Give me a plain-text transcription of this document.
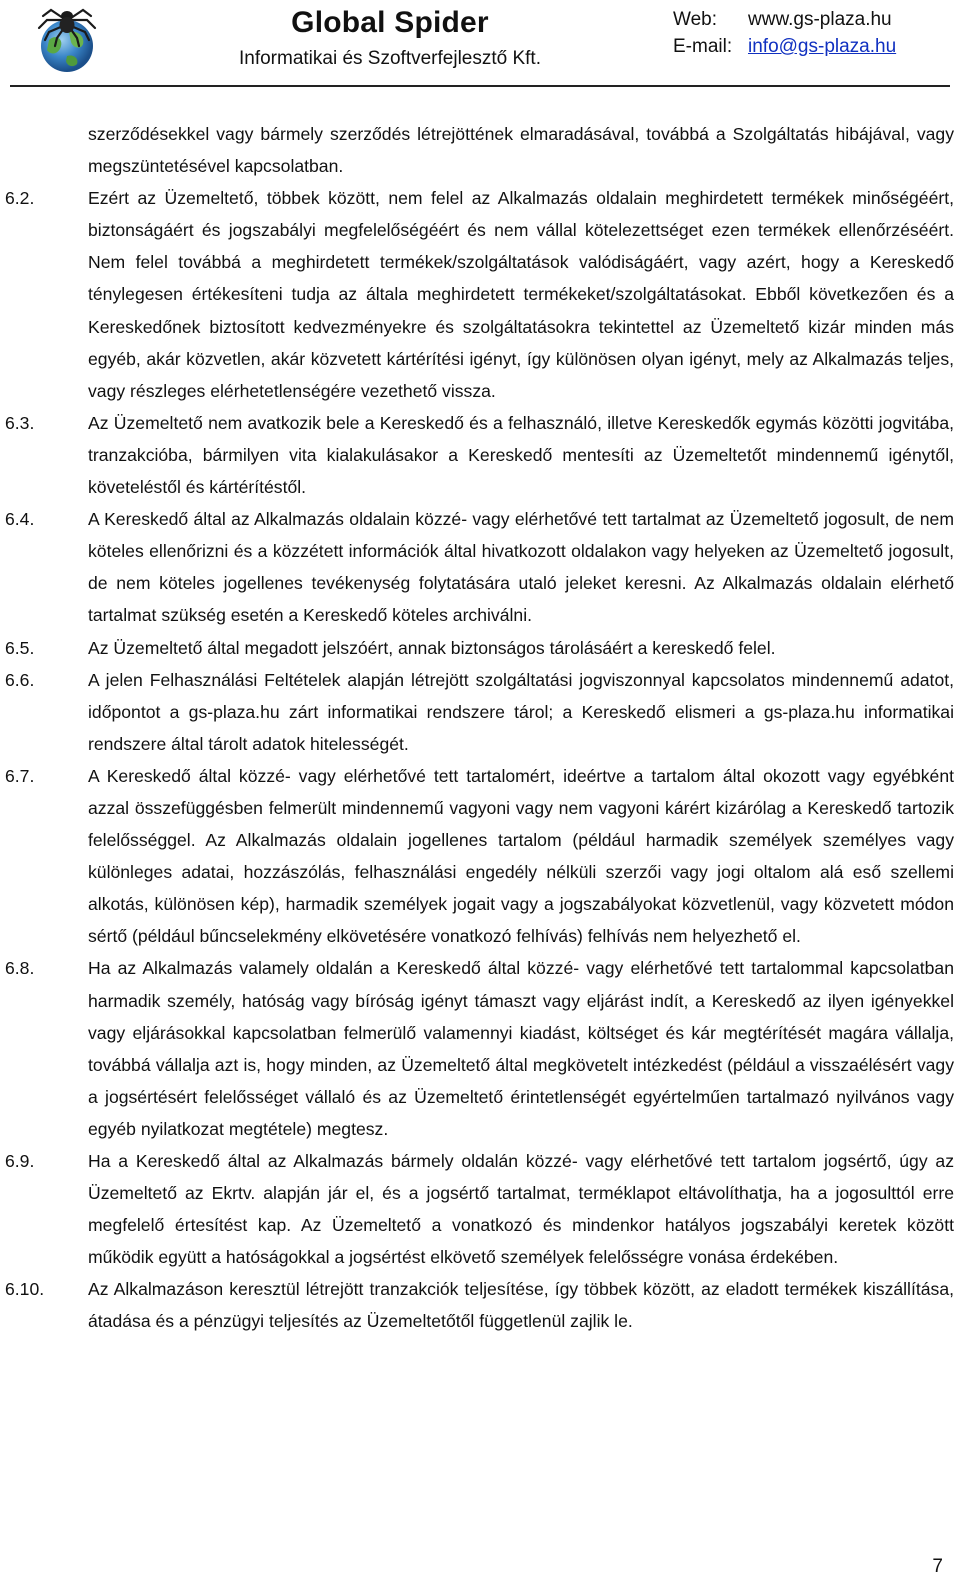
Global Spider
Informatikai és Szoftverfejlesztő Kft.
Web: www.gs-plaza.hu
E-mail: info@gs-plaza.hu
szerződésekkel vagy bármely szerződés létrejöttének elmaradásával, továbbá a Szolgáltatás hibájával, vagy megszüntetésével kapcsolatban.
6.2.	Ezért az Üzemeltető, többek között, nem felel az Alkalmazás oldalain meghirdetett termékek minőségéért, biztonságáért és jogszabályi megfelelőségéért és nem vállal kötelezettséget ezen termékek ellenőrzéséért. Nem felel továbbá a meghirdetett termékek/szolgáltatások valódiságáért, vagy azért, hogy a Kereskedő ténylegesen értékesíteni tudja az általa meghirdetett termékeket/szolgáltatásokat. Ebből következően és a Kereskedőnek biztosított kedvezményekre és szolgáltatásokra tekintettel az Üzemeltető kizár minden más egyéb, akár közvetlen, akár közvetett kártérítési igényt, így különösen olyan igényt, mely az Alkalmazás teljes, vagy részleges elérhetetlenségére vezethető vissza.
6.3.	Az Üzemeltető nem avatkozik bele a Kereskedő és a felhasználó, illetve Kereskedők egymás közötti jogvitába, tranzakcióba, bármilyen vita kialakulásakor a Kereskedő mentesíti az Üzemeltetőt mindennemű igénytől, követeléstől és kártérítéstől.
6.4.	A Kereskedő által az Alkalmazás oldalain közzé- vagy elérhetővé tett tartalmat az Üzemeltető jogosult, de nem köteles ellenőrizni és a közzétett információk által hivatkozott oldalakon vagy helyeken az Üzemeltető jogosult, de nem köteles jogellenes tevékenység folytatására utaló jeleket keresni. Az Alkalmazás oldalain elérhető tartalmat szükség esetén a Kereskedő köteles archiválni.
6.5.	Az Üzemeltető által megadott jelszóért, annak biztonságos tárolásáért a kereskedő felel.
6.6.	A jelen Felhasználási Feltételek alapján létrejött szolgáltatási jogviszonnyal kapcsolatos mindennemű adatot, időpontot a gs-plaza.hu zárt informatikai rendszere tárol; a Kereskedő elismeri a gs-plaza.hu informatikai rendszere által tárolt adatok hitelességét.
6.7.	A Kereskedő által közzé- vagy elérhetővé tett tartalomért, ideértve a tartalom által okozott vagy egyébként azzal összefüggésben felmerült mindennemű vagyoni vagy nem vagyoni kárért kizárólag a Kereskedő tartozik felelősséggel. Az Alkalmazás oldalain jogellenes tartalom (például harmadik személyek személyes vagy különleges adatai, hozzászólás, felhasználási engedély nélküli szerzői vagy jogi oltalom alá eső szellemi alkotás, különösen kép), harmadik személyek jogait vagy a jogszabályokat közvetlenül, vagy közvetett módon sértő (például bűncselekmény elkövetésére vonatkozó felhívás) felhívás nem helyezhető el.
6.8.	Ha az Alkalmazás valamely oldalán a Kereskedő által közzé- vagy elérhetővé tett tartalommal kapcsolatban harmadik személy, hatóság vagy bíróság igényt támaszt vagy eljárást indít, a Kereskedő az ilyen igényekkel vagy eljárásokkal kapcsolatban felmerülő valamennyi kiadást, költséget és kár megtérítését magára vállalja, továbbá vállalja azt is, hogy minden, az Üzemeltető által megkövetelt intézkedést (például a visszaélésért vagy a jogsértésért felelősséget vállaló és az Üzemeltető érintetlenségét egyértelműen tartalmazó nyilvános vagy egyéb nyilatkozat megtétele) megtesz.
6.9.	Ha a Kereskedő által az Alkalmazás bármely oldalán közzé- vagy elérhetővé tett tartalom jogsértő, úgy az Üzemeltető az Ekrtv. alapján jár el, és a jogsértő tartalmat, terméklapot eltávolíthatja, ha a jogosulttól erre megfelelő értesítést kap. Az Üzemeltető a vonatkozó és mindenkor hatályos jogszabályi keretek között működik együtt a hatóságokkal a jogsértést elkövető személyek felelősségre vonása érdekében.
6.10. Az Alkalmazáson keresztül létrejött tranzakciók teljesítése, így többek között, az eladott termékek kiszállítása, átadása és a pénzügyi teljesítés az Üzemeltetőtől függetlenül zajlik le.
7
